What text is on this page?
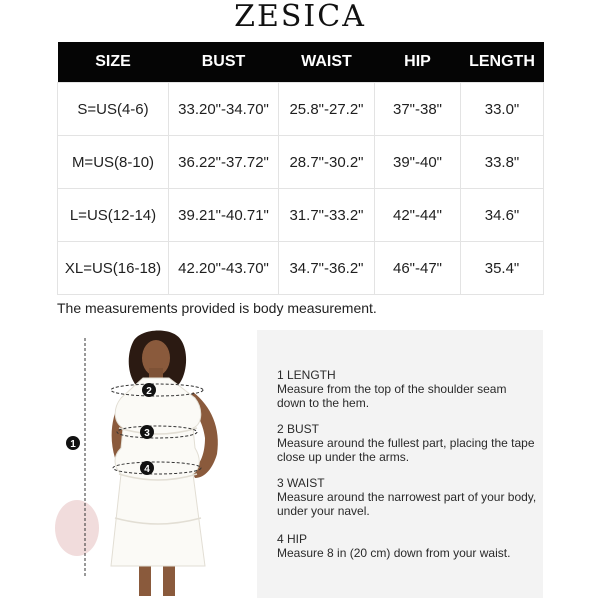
ZESICA
SIZE	BUST	WAIST	HIP	LENGTH
S=US(4-6)	33.20"-34.70"	25.8"-27.2"	37"-38"	33.0"
M=US(8-10)	36.22"-37.72"	28.7"-30.2"	39"-40"	33.8"
L=US(12-14)	39.21"-40.71"	31.7"-33.2"	42"-44"	34.6"
XL=US(16-18)	42.20"-43.70"	34.7"-36.2"	46"-47"	35.4"
The measurements provided is body measurement.
1
2
3
4
1 LENGTH
Measure from the top of the shoulder seam down to the hem.
2 BUST
Measure around the fullest part, placing the tape close up under the arms.
3 WAIST
Measure around the narrowest part of your body, under your navel.
4 HIP
Measure 8 in (20 cm) down from your waist.
